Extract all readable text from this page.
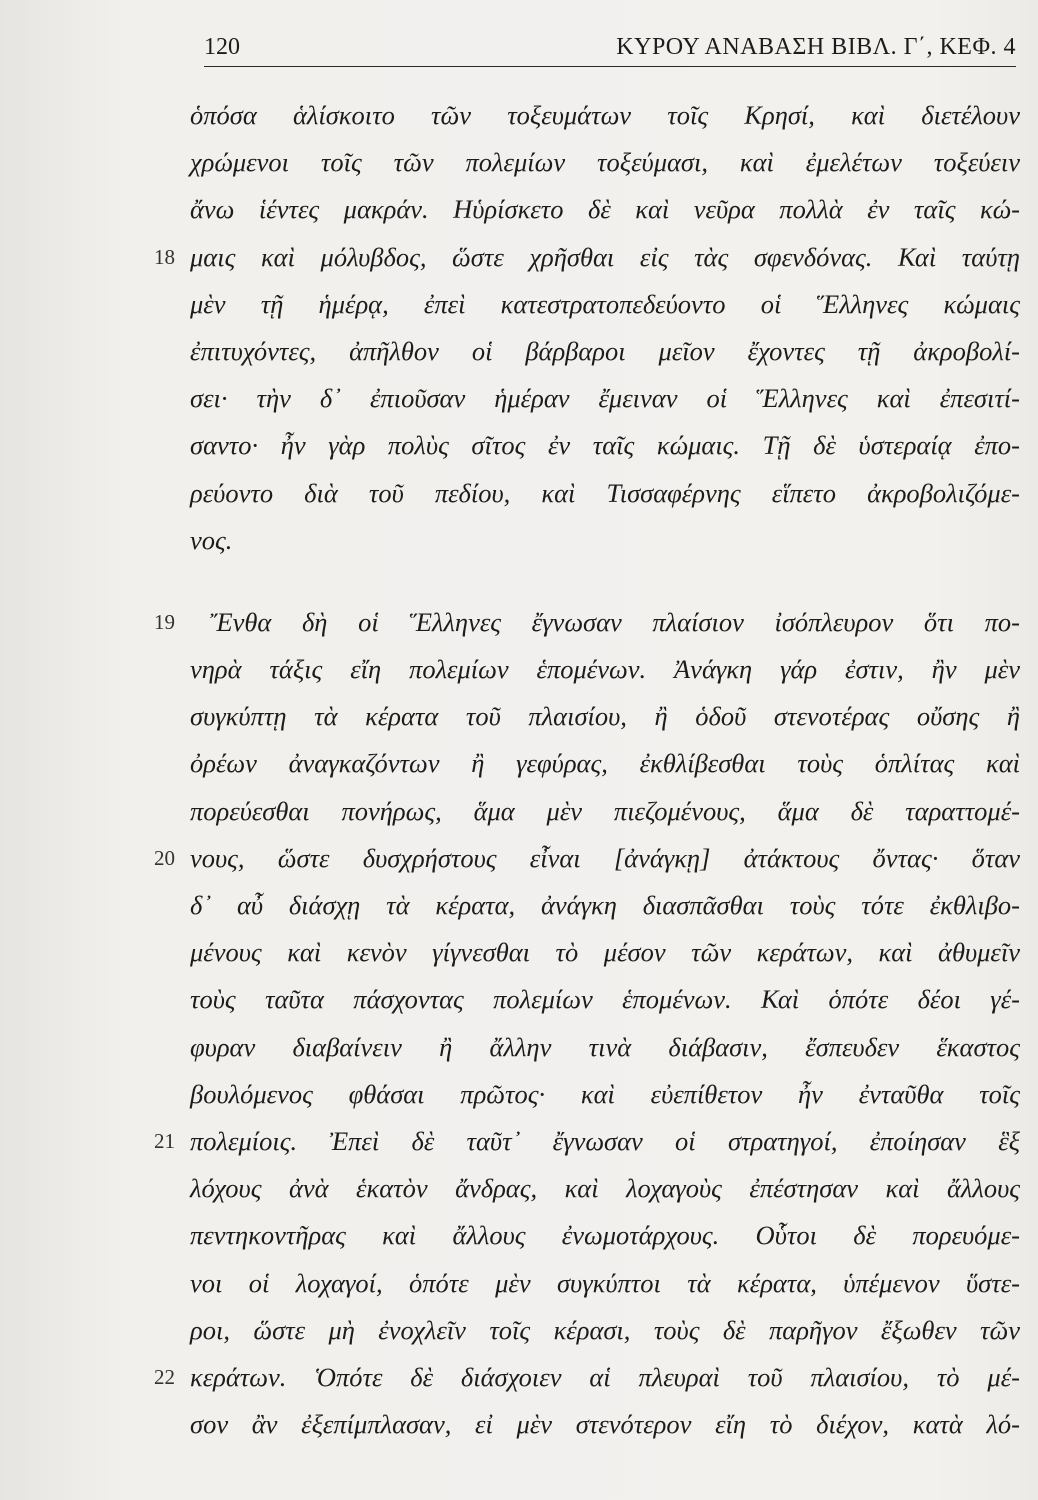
120	ΚΥΡΟΥ ΑΝΑΒΑΣΗ ΒΙΒΛ. Γ΄, ΚΕΦ. 4
ὁπόσα ἁλίσκοιτο τῶν τοξευμάτων τοῖς Κρησί, καὶ διετέλουν
χρώμενοι τοῖς τῶν πολεμίων τοξεύμασι, καὶ ἐμελέτων τοξεύειν
ἄνω ἱέντες μακράν. Ηὑρίσκετο δὲ καὶ νεῦρα πολλὰ ἐν ταῖς κώ-
μαις καὶ μόλυβδος, ὥστε χρῆσθαι εἰς τὰς σφενδόνας. Καὶ ταύτῃ
18
μὲν τῇ ἡμέρᾳ, ἐπεὶ κατεστρατοπεδεύοντο οἱ Ἕλληνες κώμαις
ἐπιτυχόντες, ἀπῆλθον οἱ βάρβαροι μεῖον ἔχοντες τῇ ἀκροβολί-
σει· τὴν δ᾽ ἐπιοῦσαν ἡμέραν ἔμειναν οἱ Ἕλληνες καὶ ἐπεσιτί-
σαντο· ἦν γὰρ πολὺς σῖτος ἐν ταῖς κώμαις. Τῇ δὲ ὑστεραίᾳ ἐπο-
ρεύοντο διὰ τοῦ πεδίου, καὶ Τισσαφέρνης εἵπετο ἀκροβολιζόμε-
νος.
Ἔνθα δὴ οἱ Ἕλληνες ἔγνωσαν πλαίσιον ἰσόπλευρον ὅτι πο-
19
νηρὰ τάξις εἴη πολεμίων ἑπομένων. Ἀνάγκη γάρ ἐστιν, ἢν μὲν
συγκύπτῃ τὰ κέρατα τοῦ πλαισίου, ἢ ὁδοῦ στενοτέρας οὔσης ἢ
ὀρέων ἀναγκαζόντων ἢ γεφύρας, ἐκθλίβεσθαι τοὺς ὁπλίτας καὶ
πορεύεσθαι πονήρως, ἅμα μὲν πιεζομένους, ἅμα δὲ ταραττομέ-
νους, ὥστε δυσχρήστους εἶναι [ἀνάγκῃ] ἀτάκτους ὄντας· ὅταν
20
δ᾽ αὖ διάσχῃ τὰ κέρατα, ἀνάγκη διασπᾶσθαι τοὺς τότε ἐκθλιβο-
μένους καὶ κενὸν γίγνεσθαι τὸ μέσον τῶν κεράτων, καὶ ἀθυμεῖν
τοὺς ταῦτα πάσχοντας πολεμίων ἑπομένων. Καὶ ὁπότε δέοι γέ-
φυραν διαβαίνειν ἢ ἄλλην τινὰ διάβασιν, ἔσπευδεν ἕκαστος
βουλόμενος φθάσαι πρῶτος· καὶ εὐεπίθετον ἦν ἐνταῦθα τοῖς
πολεμίοις. Ἐπεὶ δὲ ταῦτ᾽ ἔγνωσαν οἱ στρατηγοί, ἐποίησαν ἓξ
21
λόχους ἀνὰ ἑκατὸν ἄνδρας, καὶ λοχαγοὺς ἐπέστησαν καὶ ἄλλους
πεντηκοντῆρας καὶ ἄλλους ἐνωμοτάρχους. Οὗτοι δὲ πορευόμε-
νοι οἱ λοχαγοί, ὁπότε μὲν συγκύπτοι τὰ κέρατα, ὑπέμενον ὕστε-
ροι, ὥστε μὴ ἐνοχλεῖν τοῖς κέρασι, τοὺς δὲ παρῆγον ἔξωθεν τῶν
κεράτων. Ὁπότε δὲ διάσχοιεν αἱ πλευραὶ τοῦ πλαισίου, τὸ μέ-
22
σον ἂν ἐξεπίμπλασαν, εἰ μὲν στενότερον εἴη τὸ διέχον, κατὰ λό-
